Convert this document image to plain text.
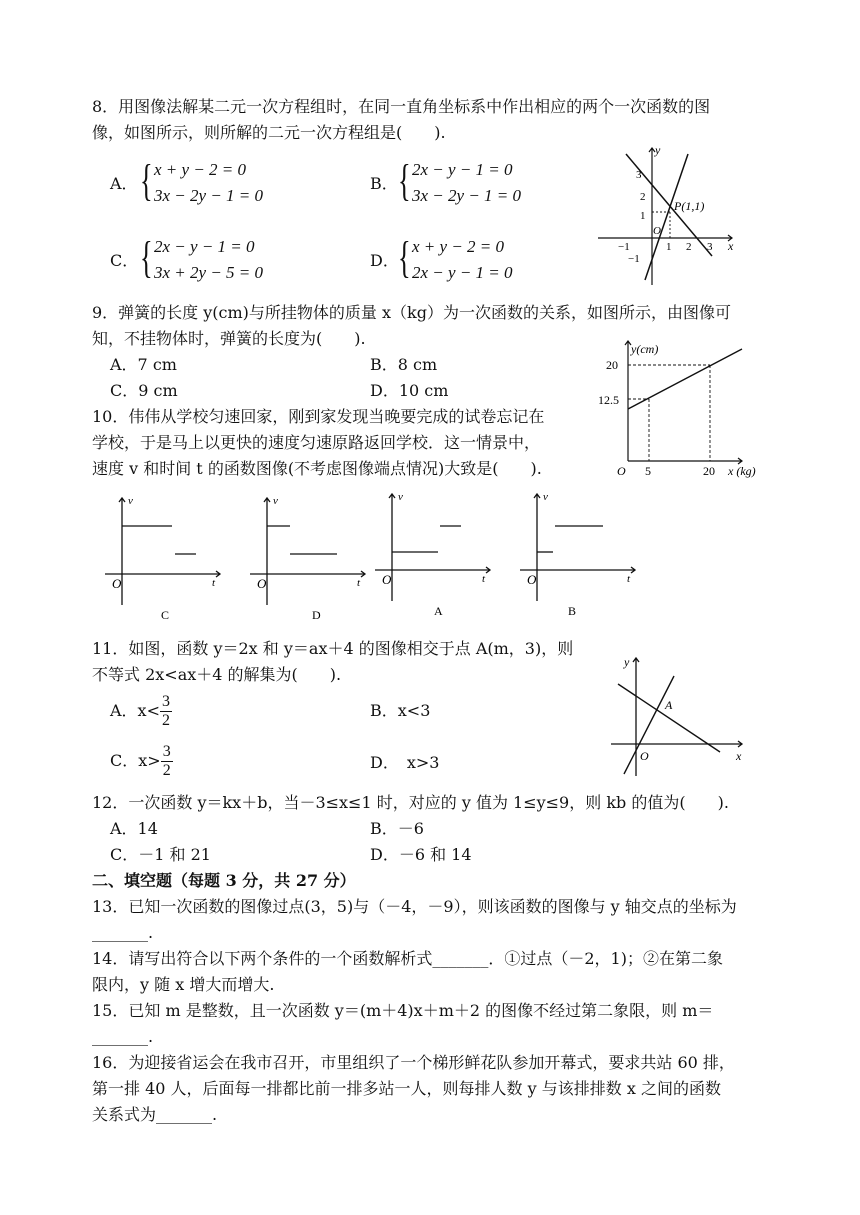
8．用图像法解某二元一次方程组时，在同一直角坐标系中作出相应的两个一次函数的图
像，如图所示，则所解的二元一次方程组是(　　).
A． { x + y − 2 = 0
3x − 2y − 1 = 0
B． { 2x − y − 1 = 0
3x − 2y − 1 = 0
C． { 2x − y − 1 = 0
3x + 2y − 5 = 0
D． { x + y − 2 = 0
2x − y − 1 = 0
y
x
O
P(1,1)
3
2
1
−1
−1	1 2 3
9．弹簧的长度 y(cm)与所挂物体的质量 x（kg）为一次函数的关系，如图所示，由图像可
知，不挂物体时，弹簧的长度为(　　).
A．7 cm	B．8 cm
C．9 cm	D．10 cm
y(cm)
20
12.5
O 5	20 x (kg)
10．伟伟从学校匀速回家，刚到家发现当晚要完成的试卷忘记在
学校，于是马上以更快的速度匀速原路返回学校．这一情景中，
速度 v 和时间 t 的函数图像(不考虑图像端点情况)大致是(　　).
v
O	t
C
v
O	t
D
v
O	t
A
v
O	t
B
11．如图，函数 y＝2x 和 y＝ax＋4 的图像相交于点 A(m，3)，则
不等式 2x<ax＋4 的解集为(　　).
A．$x< \frac{3}{2}$	B．x<3
C．$x> \frac{3}{2}$	D．　x>3
y
x
O
A
12．一次函数 y＝kx＋b，当－3≤x≤1 时，对应的 y 值为 1≤y≤9，则 kb 的值为(　　).
A．14	B．－6
C．－1 和 21	D．－6 和 14
二、填空题（每题 3 分，共 27 分）
13．已知一次函数的图像过点(3，5)与（－4，－9），则该函数的图像与 y 轴交点的坐标为
_______.
14．请写出符合以下两个条件的一个函数解析式_______．①过点（－2，1)；②在第二象
限内，y 随 x 增大而增大.
15．已知 m 是整数，且一次函数 y＝(m＋4)x＋m＋2 的图像不经过第二象限，则 m＝
_______.
16．为迎接省运会在我市召开，市里组织了一个梯形鲜花队参加开幕式，要求共站 60 排，
第一排 40 人，后面每一排都比前一排多站一人，则每排人数 y 与该排排数 x 之间的函数
关系式为_______.
